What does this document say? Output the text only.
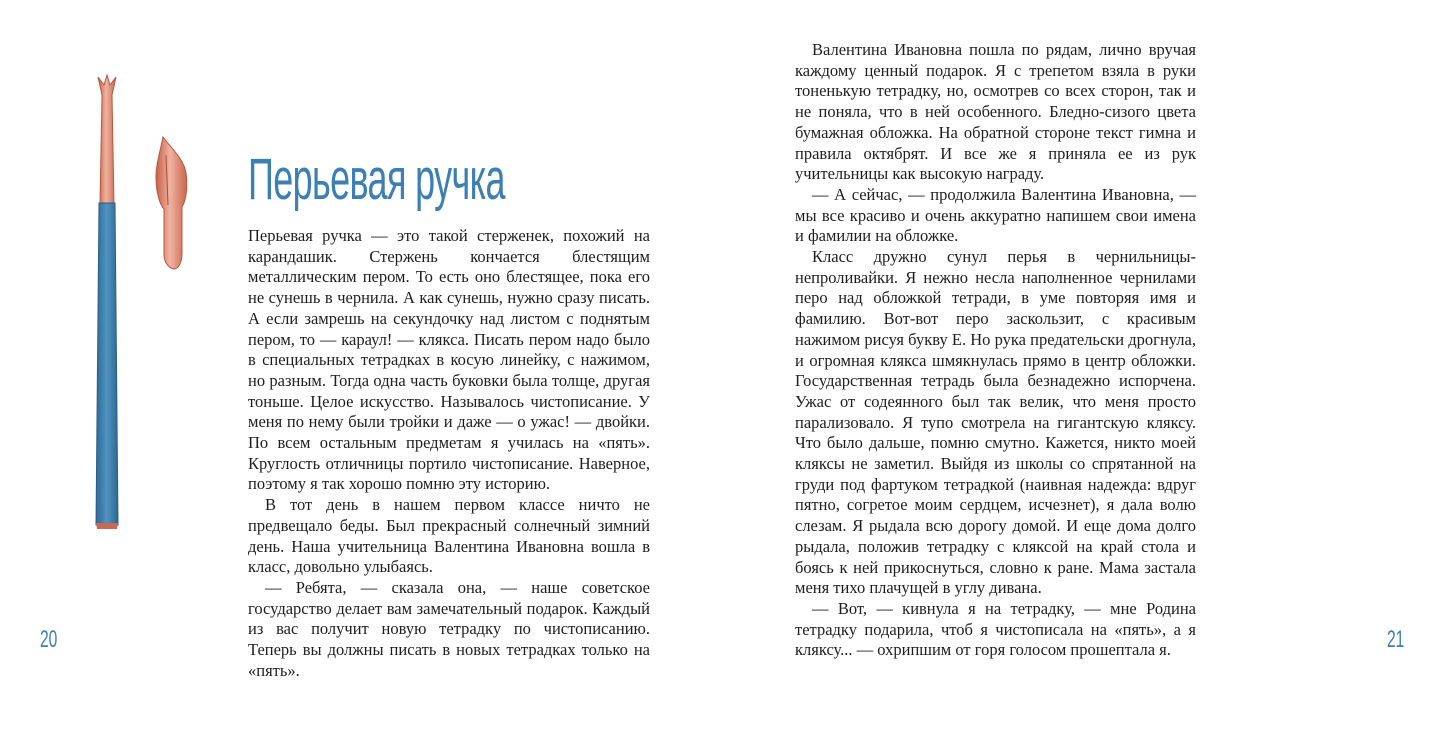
Перьевая ручка

Перьевая ручка — это такой стерженек, похожий на карандашик. Стержень кончается блестящим металлическим пером. То есть оно блестящее, пока его не сунешь в чернила. А как сунешь, нужно сразу писать. А если замрешь на секундочку над листом с поднятым пером, то — караул! — клякса. Писать пером надо было в специальных тетрадках в косую линейку, с нажимом, но разным. Тогда одна часть буковки была толще, другая тоньше. Целое искусство. Называлось чистописание. У меня по нему были тройки и даже — о ужас! — двойки. По всем остальным предметам я училась на «пять». Круглость отличницы портило чистописание. Наверное, поэтому я так хорошо помню эту историю.

В тот день в нашем первом классе ничто не предвещало беды. Был прекрасный солнечный зимний день. Наша учительница Валентина Ивановна вошла в класс, довольно улыбаясь.

— Ребята, — сказала она, — наше советское государство делает вам замечательный подарок. Каждый из вас получит новую тетрадку по чистописанию. Теперь вы должны писать в новых тетрадках только на «пять».

Валентина Ивановна пошла по рядам, лично вручая каждому ценный подарок. Я с трепетом взяла в руки тоненькую тетрадку, но, осмотрев со всех сторон, так и не поняла, что в ней особенного. Бледно-сизого цвета бумажная обложка. На обратной стороне текст гимна и правила октябрят. И все же я приняла ее из рук учительницы как высокую награду.

— А сейчас, — продолжила Валентина Ивановна, — мы все красиво и очень аккуратно напишем свои имена и фамилии на обложке.

Класс дружно сунул перья в чернильницы-непроливайки. Я нежно несла наполненное чернилами перо над обложкой тетради, в уме повторяя имя и фамилию. Вот-вот перо заскользит, с красивым нажимом рисуя букву Е. Но рука предательски дрогнула, и огромная клякса шмякнулась прямо в центр обложки. Государственная тетрадь была безнадежно испорчена. Ужас от содеянного был так велик, что меня просто парализовало. Я тупо смотрела на гигантскую кляксу. Что было дальше, помню смутно. Кажется, никто моей кляксы не заметил. Выйдя из школы со спрятанной на груди под фартуком тетрадкой (наивная надежда: вдруг пятно, согретое моим сердцем, исчезнет), я дала волю слезам. Я рыдала всю дорогу домой. И еще дома долго рыдала, положив тетрадку с кляксой на край стола и боясь к ней прикоснуться, словно к ране. Мама застала меня тихо плачущей в углу дивана.

— Вот, — кивнула я на тетрадку, — мне Родина тетрадку подарила, чтоб я чистописала на «пять», а я кляксу... — охрипшим от горя голосом прошептала я.

20	21
